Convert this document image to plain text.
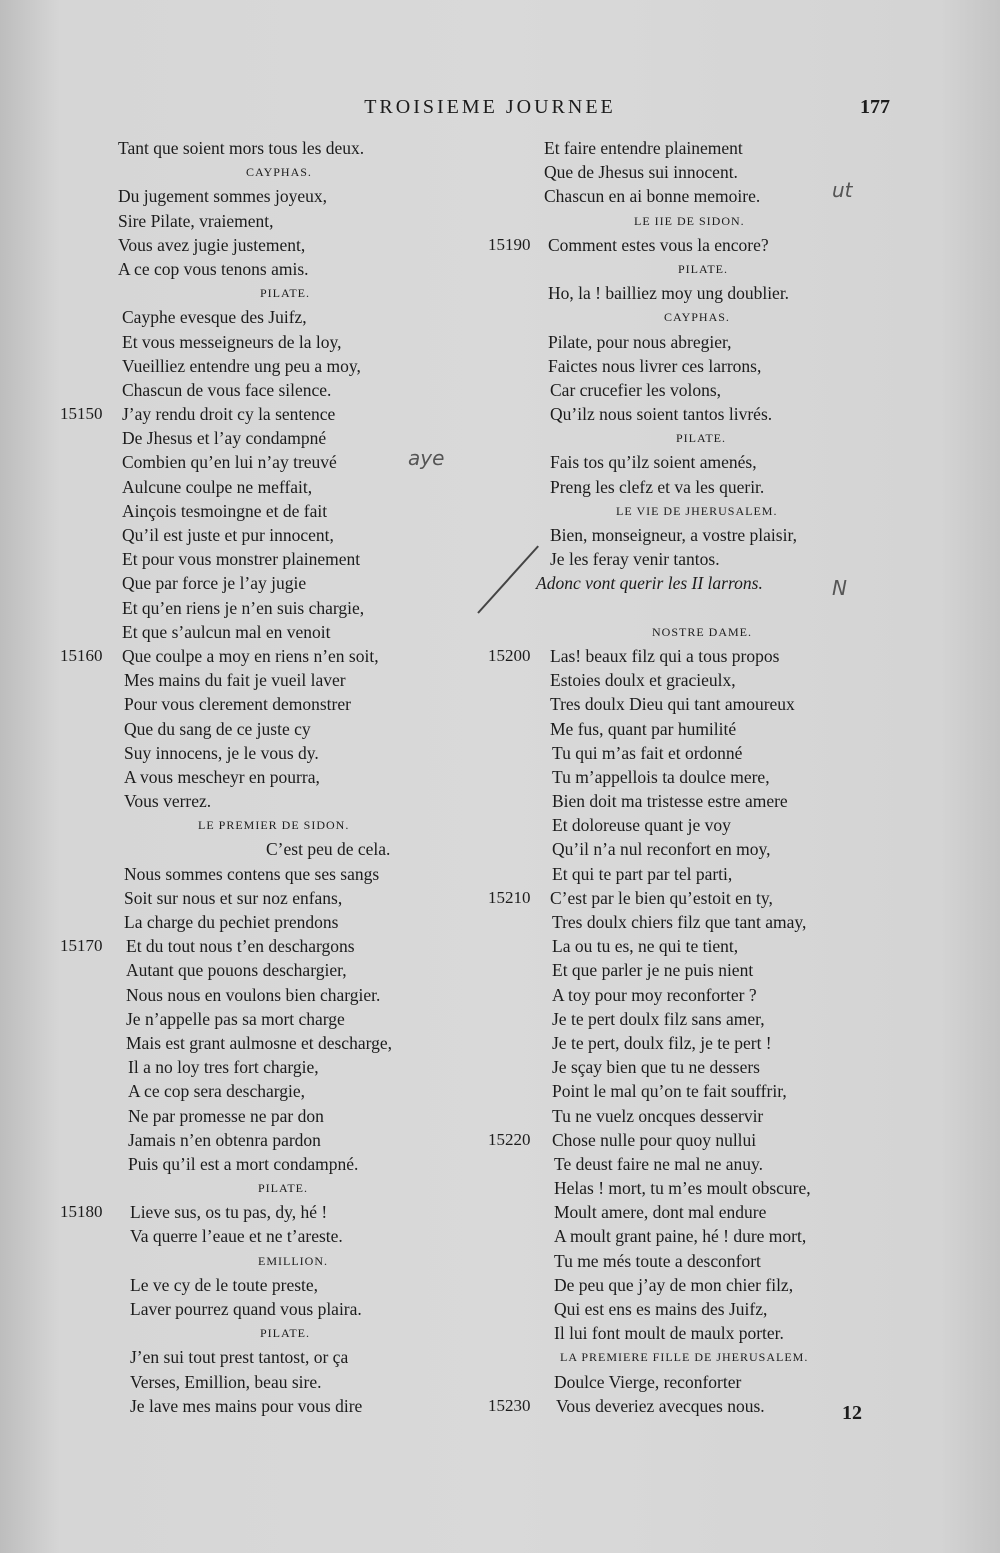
TROISIEME JOURNEE	177
Tant que soient mors tous les deux.
CAYPHAS.
Du jugement sommes joyeux,
Sire Pilate, vraiement,
Vous avez jugie justement,
A ce cop vous tenons amis.
PILATE.
Cayphe evesque des Juifz,
Et vous messeigneurs de la loy,
Vueilliez entendre ung peu a moy,
Chascun de vous face silence.
15150	J’ay rendu droit cy la sentence
De Jhesus et l’ay condampné
Combien qu’en lui n’ay treuvé
Aulcune coulpe ne meffait,
Ainçois tesmoingne et de fait
Qu’il est juste et pur innocent,
Et pour vous monstrer plainement
Que par force je l’ay jugie
Et qu’en riens je n’en suis chargie,
Et que s’aulcun mal en venoit
15160	Que coulpe a moy en riens n’en soit,
Mes mains du fait je vueil laver
Pour vous clerement demonstrer
Que du sang de ce juste cy
Suy innocens, je le vous dy.
A vous mescheyr en pourra,
Vous verrez.
LE PREMIER DE SIDON.
C’est peu de cela.
Nous sommes contens que ses sangs
Soit sur nous et sur noz enfans,
La charge du pechiet prendons
15170	Et du tout nous t’en deschargons
Autant que pouons deschargier,
Nous nous en voulons bien chargier.
Je n’appelle pas sa mort charge
Mais est grant aulmosne et descharge,
Il a no loy tres fort chargie,
A ce cop sera deschargie,
Ne par promesse ne par don
Jamais n’en obtenra pardon
Puis qu’il est a mort condampné.
PILATE.
15180	Lieve sus, os tu pas, dy, hé !
Va querre l’eaue et ne t’areste.
EMILLION.
Le ve cy de le toute preste,
Laver pourrez quand vous plaira.
PILATE.
J’en sui tout prest tantost, or ça
Verses, Emillion, beau sire.
Je lave mes mains pour vous dire
Et faire entendre plainement
Que de Jhesus sui innocent.
Chascun en ai bonne memoire.
LE IIE DE SIDON.
15190	Comment estes vous la encore?
PILATE.
Ho, la ! bailliez moy ung doublier.
CAYPHAS.
Pilate, pour nous abregier,
Faictes nous livrer ces larrons,
Car crucefier les volons,
Qu’ilz nous soient tantos livrés.
PILATE.
Fais tos qu’ilz soient amenés,
Preng les clefz et va les querir.
LE VIE DE JHERUSALEM.
Bien, monseigneur, a vostre plaisir,
Je les feray venir tantos.
Adonc vont querir les II larrons.
NOSTRE DAME.
15200	Las! beaux filz qui a tous propos
Estoies doulx et gracieulx,
Tres doulx Dieu qui tant amoureux
Me fus, quant par humilité
Tu qui m’as fait et ordonné
Tu m’appellois ta doulce mere,
Bien doit ma tristesse estre amere
Et doloreuse quant je voy
Qu’il n’a nul reconfort en moy,
Et qui te part par tel parti,
15210	C’est par le bien qu’estoit en ty,
Tres doulx chiers filz que tant amay,
La ou tu es, ne qui te tient,
Et que parler je ne puis nient
A toy pour moy reconforter ?
Je te pert doulx filz sans amer,
Je te pert, doulx filz, je te pert !
Je sçay bien que tu ne dessers
Point le mal qu’on te fait souffrir,
Tu ne vuelz oncques desservir
15220	Chose nulle pour quoy nullui
Te deust faire ne mal ne anuy.
Helas ! mort, tu m’es moult obscure,
Moult amere, dont mal endure
A moult grant paine, hé ! dure mort,
Tu me més toute a desconfort
De peu que j’ay de mon chier filz,
Qui est ens es mains des Juifz,
Il lui font moult de maulx porter.
LA PREMIERE FILLE DE JHERUSALEM.
Doulce Vierge, reconforter
15230	Vous deveriez avecques nous.
aye
ut
N
12
